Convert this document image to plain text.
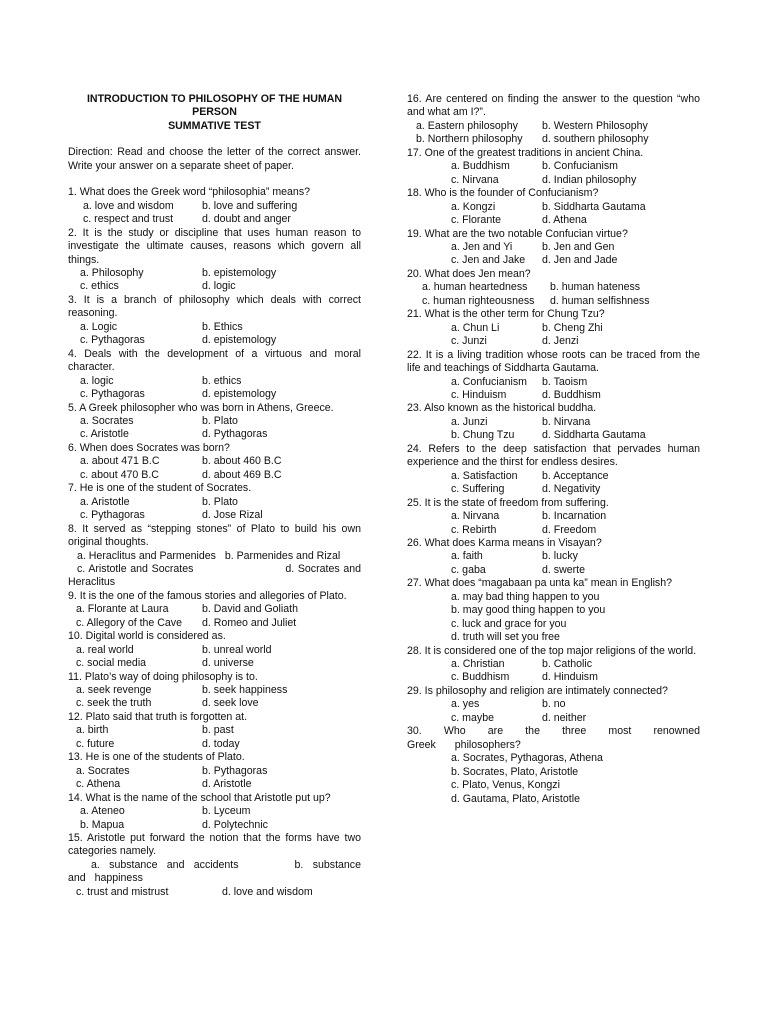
INTRODUCTION TO PHILOSOPHY OF THE HUMAN
PERSON
SUMMATIVE TEST
Direction: Read and choose the letter of the correct answer. Write your answer on a separate sheet of paper.
1. What does the Greek word “philosophia” means?
a. love and wisdom	b. love and suffering
c. respect and trust	d. doubt and anger
2. It is the study or discipline that uses human reason to investigate the ultimate causes, reasons which govern all things.
a. Philosophy	b. epistemology
c. ethics	d. logic
3. It is a branch of philosophy which deals with correct reasoning.
a. Logic	b. Ethics
c. Pythagoras	d. epistemology
4. Deals with the development of a virtuous and moral character.
a. logic	b. ethics
c. Pythagoras	d. epistemology
5. A Greek philosopher who was born in Athens, Greece.
a. Socrates	b. Plato
c. Aristotle	d. Pythagoras
6. When does Socrates was born?
a. about 471 B.C	b. about 460 B.C
c. about 470 B.C	d. about 469 B.C
7. He is one of the student of Socrates.
a. Aristotle	b. Plato
c. Pythagoras	d. Jose Rizal
8. It served as “stepping stones” of Plato to build his own original thoughts.
a. Heraclitus and Parmenides b. Parmenides and Rizal
c. Aristotle and Socrates	d. Socrates and Heraclitus
9. It is the one of the famous stories and allegories of Plato.
a. Florante at Laura	b. David and Goliath
c. Allegory of the Cave	d. Romeo and Juliet
10. Digital world is considered as.
a. real world	b. unreal world
c. social media	d. universe
11. Plato’s way of doing philosophy is to.
a. seek revenge	b. seek happiness
c. seek the truth	d. seek love
12. Plato said that truth is forgotten at.
a. birth	b. past
c. future	d. today
13. He is one of the students of Plato.
a. Socrates	b. Pythagoras
c. Athena	d. Aristotle
14. What is the name of the school that Aristotle put up?
a. Ateneo	b. Lyceum
b. Mapua	d. Polytechnic
15. Aristotle put forward the notion that the forms have two categories namely.
a. substance and accidents	b. substance and happiness
c. trust and mistrust	d. love and wisdom
16. Are centered on finding the answer to the question “who and what am I?”.
a. Eastern philosophy	b. Western Philosophy
b. Northern philosophy	d. southern philosophy
17. One of the greatest traditions in ancient China.
a. Buddhism	b. Confucianism
c. Nirvana	d. Indian philosophy
18. Who is the founder of Confucianism?
a. Kongzi	b. Siddharta Gautama
c. Florante	d. Athena
19. What are the two notable Confucian virtue?
a. Jen and Yi	b. Jen and Gen
c. Jen and Jake	d. Jen and Jade
20. What does Jen mean?
a. human heartedness	b. human hateness
c. human righteousness	d. human selfishness
21. What is the other term for Chung Tzu?
a. Chun Li	b. Cheng Zhi
c. Junzi	d. Jenzi
22. It is a living tradition whose roots can be traced from the life and teachings of Siddharta Gautama.
a. Confucianism	b. Taoism
c. Hinduism	d. Buddhism
23. Also known as the historical buddha.
a. Junzi	b. Nirvana
b. Chung Tzu	d. Siddharta Gautama
24. Refers to the deep satisfaction that pervades human experience and the thirst for endless desires.
a. Satisfaction	b. Acceptance
c. Suffering	d. Negativity
25. It is the state of freedom from suffering.
a. Nirvana	b. Incarnation
c. Rebirth	d. Freedom
26. What does Karma means in Visayan?
a. faith	b. lucky
c. gaba	d. swerte
27. What does “magabaan pa unta ka” mean in English?
a. may bad thing happen to you
b. may good thing happen to you
c. luck and grace for you
d. truth will set you free
28. It is considered one of the top major religions of the world.
a. Christian	b. Catholic
c. Buddhism	d. Hinduism
29. Is philosophy and religion are intimately connected?
a. yes	b. no
c. maybe	d. neither
30. Who are the three most renowned Greek philosophers?
a. Socrates, Pythagoras, Athena
b. Socrates, Plato, Aristotle
c. Plato, Venus, Kongzi
d. Gautama, Plato, Aristotle
